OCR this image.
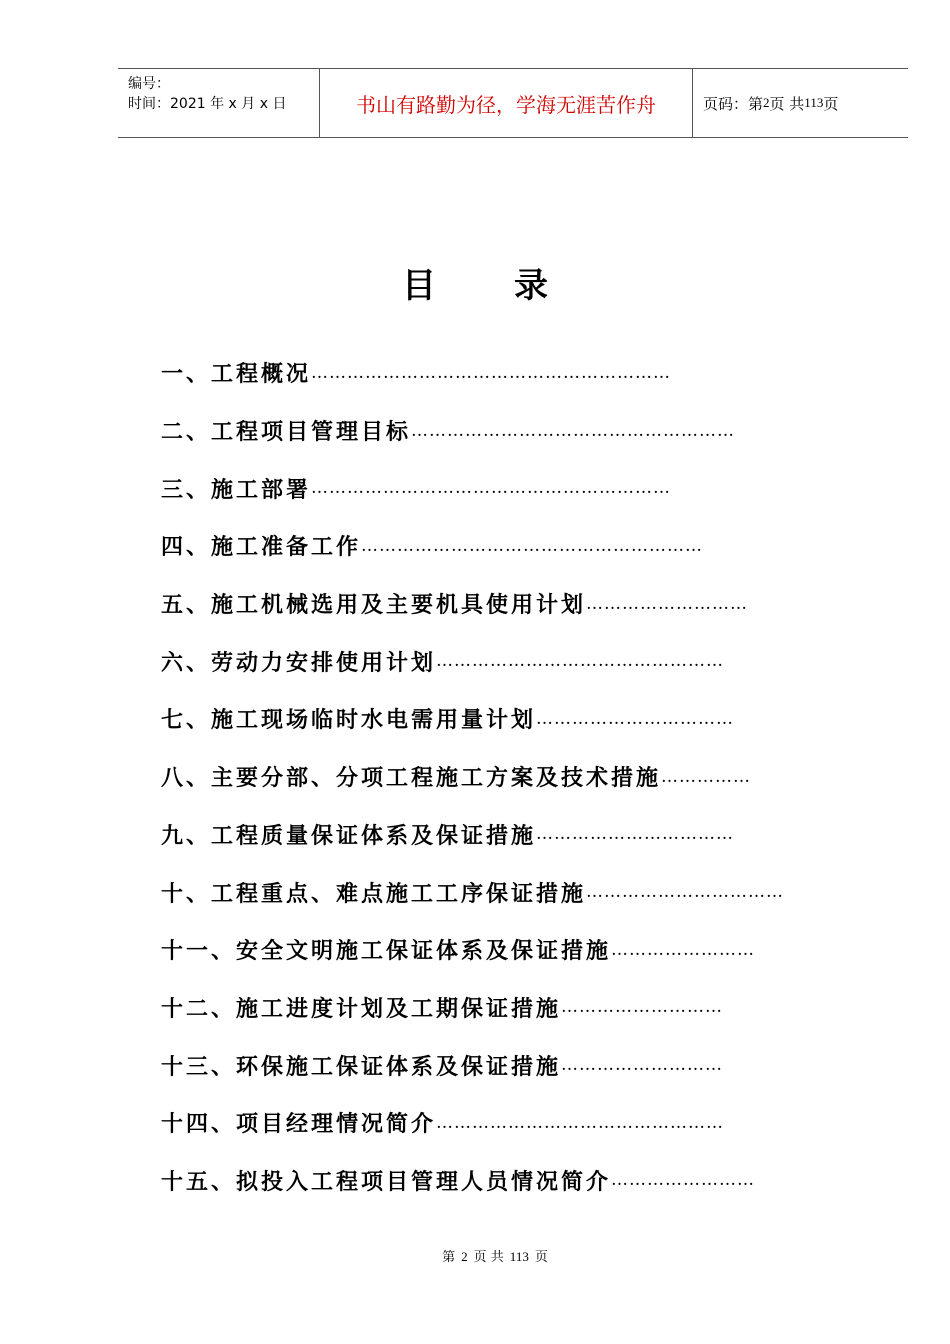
编号：
时间：2021 年 x 月 x 日	书山有路勤为径，学海无涯苦作舟	页码：第 2 页 共 113 页
目 录
一、工程概况 ……………………………………………………
二、工程项目管理目标 ………………………………………………
三、施工部署 ……………………………………………………
四、施工准备工作 …………………………………………………
五、施工机械选用及主要机具使用计划 ………………………
六、劳动力安排使用计划 …………………………………………
七、施工现场临时水电需用量计划 ……………………………
八、主要分部、分项工程施工方案及技术措施 ……………
九、工程质量保证体系及保证措施 ……………………………
十、工程重点、难点施工工序保证措施 ……………………………
十一、安全文明施工保证体系及保证措施 ……………………
十二、施工进度计划及工期保证措施 ………………………
十三、环保施工保证体系及保证措施 ………………………
十四、项目经理情况简介 …………………………………………
十五、拟投入工程项目管理人员情况简介 ……………………
第 2 页 共 113 页
